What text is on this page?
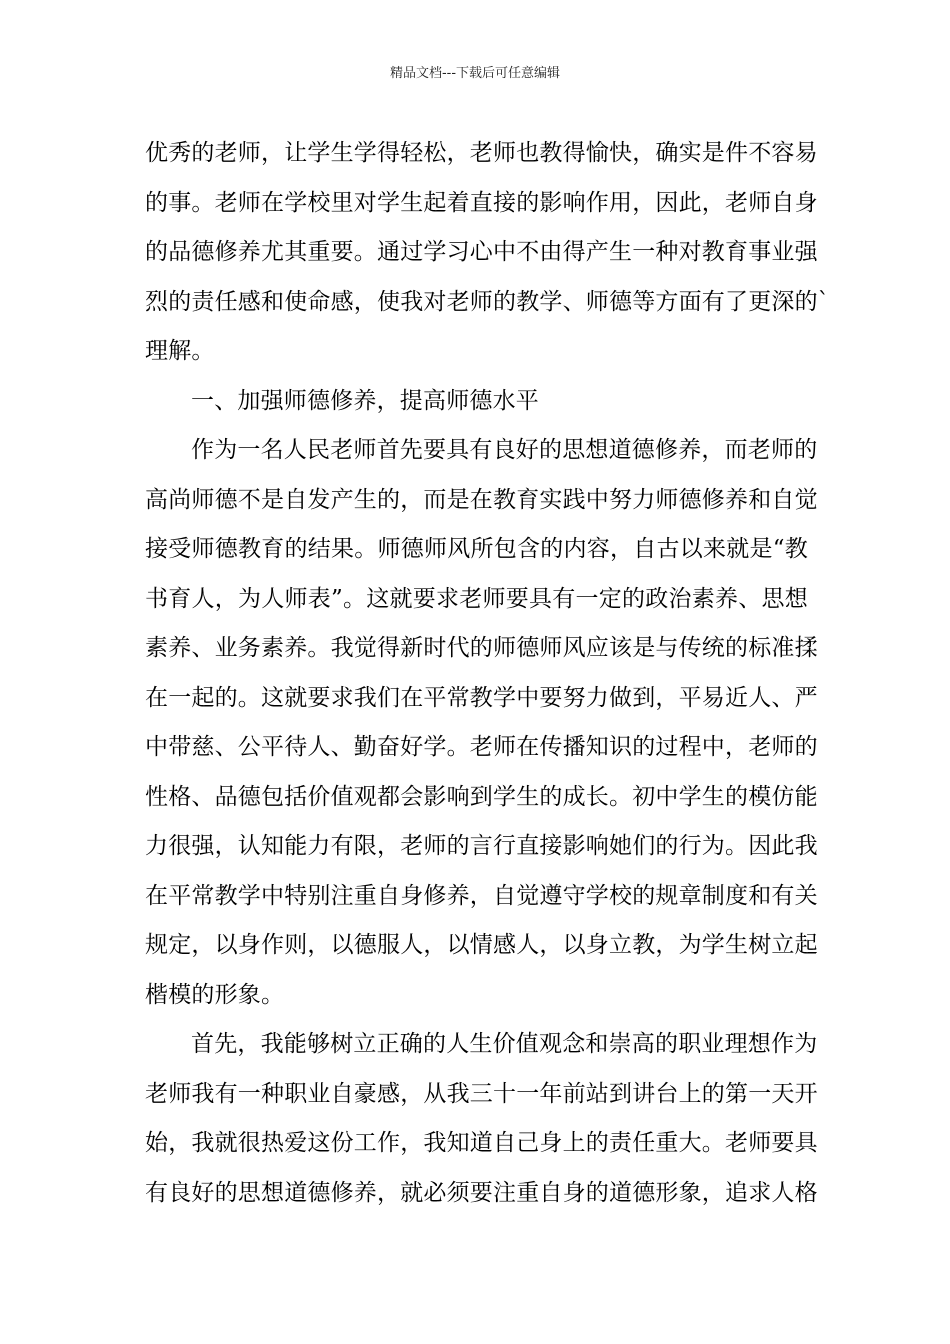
精品文档---下载后可任意编辑
优秀的老师，让学生学得轻松，老师也教得愉快，确实是件不容易
的事。老师在学校里对学生起着直接的影响作用，因此，老师自身
的品德修养尤其重要。通过学习心中不由得产生一种对教育事业强
烈的责任感和使命感，使我对老师的教学、师德等方面有了更深的`
理解。
一、加强师德修养，提高师德水平
作为一名人民老师首先要具有良好的思想道德修养，而老师的
高尚师德不是自发产生的，而是在教育实践中努力师德修养和自觉
接受师德教育的结果。师德师风所包含的内容，自古以来就是“教
书育人，为人师表”。这就要求老师要具有一定的政治素养、思想
素养、业务素养。我觉得新时代的师德师风应该是与传统的标准揉
在一起的。这就要求我们在平常教学中要努力做到，平易近人、严
中带慈、公平待人、勤奋好学。老师在传播知识的过程中，老师的
性格、品德包括价值观都会影响到学生的成长。初中学生的模仿能
力很强，认知能力有限，老师的言行直接影响她们的行为。因此我
在平常教学中特别注重自身修养，自觉遵守学校的规章制度和有关
规定，以身作则，以德服人，以情感人，以身立教，为学生树立起
楷模的形象。
首先，我能够树立正确的人生价值观念和崇高的职业理想作为
老师我有一种职业自豪感，从我三十一年前站到讲台上的第一天开
始，我就很热爱这份工作，我知道自己身上的责任重大。老师要具
有良好的思想道德修养，就必须要注重自身的道德形象，追求人格
